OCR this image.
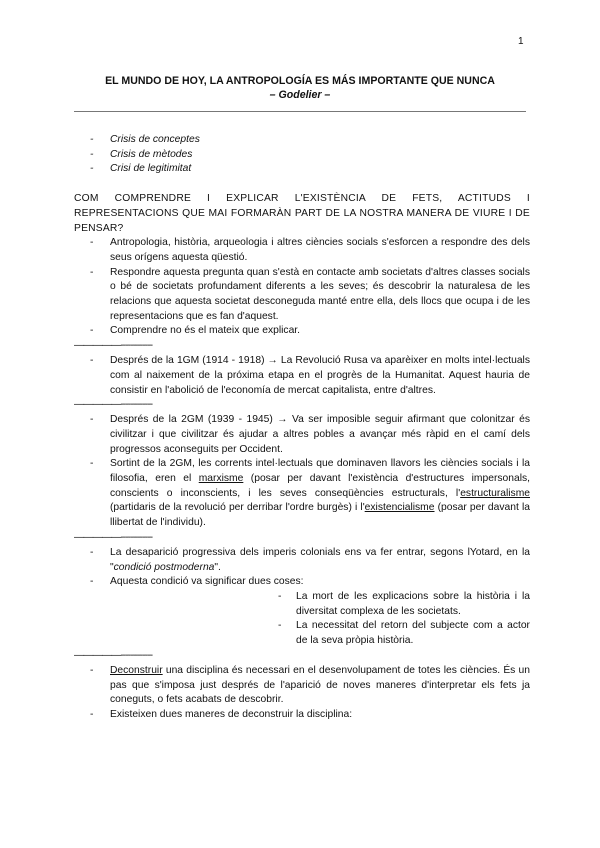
1
EL MUNDO DE HOY, LA ANTROPOLOGÍA ES MÁS IMPORTANTE QUE NUNCA
– Godelier –
- Crisis de conceptes
- Crisis de mètodes
- Crisi de legitimitat
COM COMPRENDRE I EXPLICAR L'EXISTÈNCIA DE FETS, ACTITUDS I REPRESENTACIONS QUE MAI FORMARÀN PART DE LA NOSTRA MANERA DE VIURE I DE PENSAR?
- Antropologia, història, arqueologia i altres ciències socials s'esforcen a respondre des dels seus orígens aquesta qüestió.
- Respondre aquesta pregunta quan s'està en contacte amb societats d'altres classes socials o bé de societats profundament diferents a les seves; és descobrir la naturalesa de les relacions que aquesta societat desconeguda manté entre ella, dels llocs que ocupa i de les representacions que es fan d'aquest.
- Comprendre no és el mateix que explicar.
—————-------------
- Després de la 1GM (1914 - 1918) → La Revolució Rusa va aparèixer en molts intel·lectuals com al naixement de la próxima etapa en el progrès de la Humanitat. Aquest hauria de consistir en l'abolició de l'economía de mercat capitalista, entre d'altres.
—————-------------
- Després de la 2GM (1939 - 1945) → Va ser imposible seguir afirmant que colonitzar és civilitzar i que civilitzar és ajudar a altres pobles a avançar més ràpid en el camí dels progressos aconseguits per Occident.
- Sortint de la 2GM, les corrents intel·lectuals que dominaven llavors les ciències socials i la filosofia, eren el marxisme (posar per davant l'existència d'estructures impersonals, conscients o inconscients, i les seves conseqüències estructurals, l'estructuralisme (partidaris de la revolució per derribar l'ordre burgès) i l'existencialisme (posar per davant la llibertat de l'individu).
—————-------------
- La desaparició progressiva dels imperis colonials ens va fer entrar, segons lYotard, en la "condició postmoderna".
- Aquesta condició va significar dues coses:
- La mort de les explicacions sobre la història i la diversitat complexa de les societats.
- La necessitat del retorn del subjecte com a actor de la seva pròpia història.
—————-------------
- Deconstruir una disciplina és necessari en el desenvolupament de totes les ciències. És un pas que s'imposa just després de l'aparició de noves maneres d'interpretar els fets ja coneguts, o fets acabats de descobrir.
- Existeixen dues maneres de deconstruir la disciplina:
